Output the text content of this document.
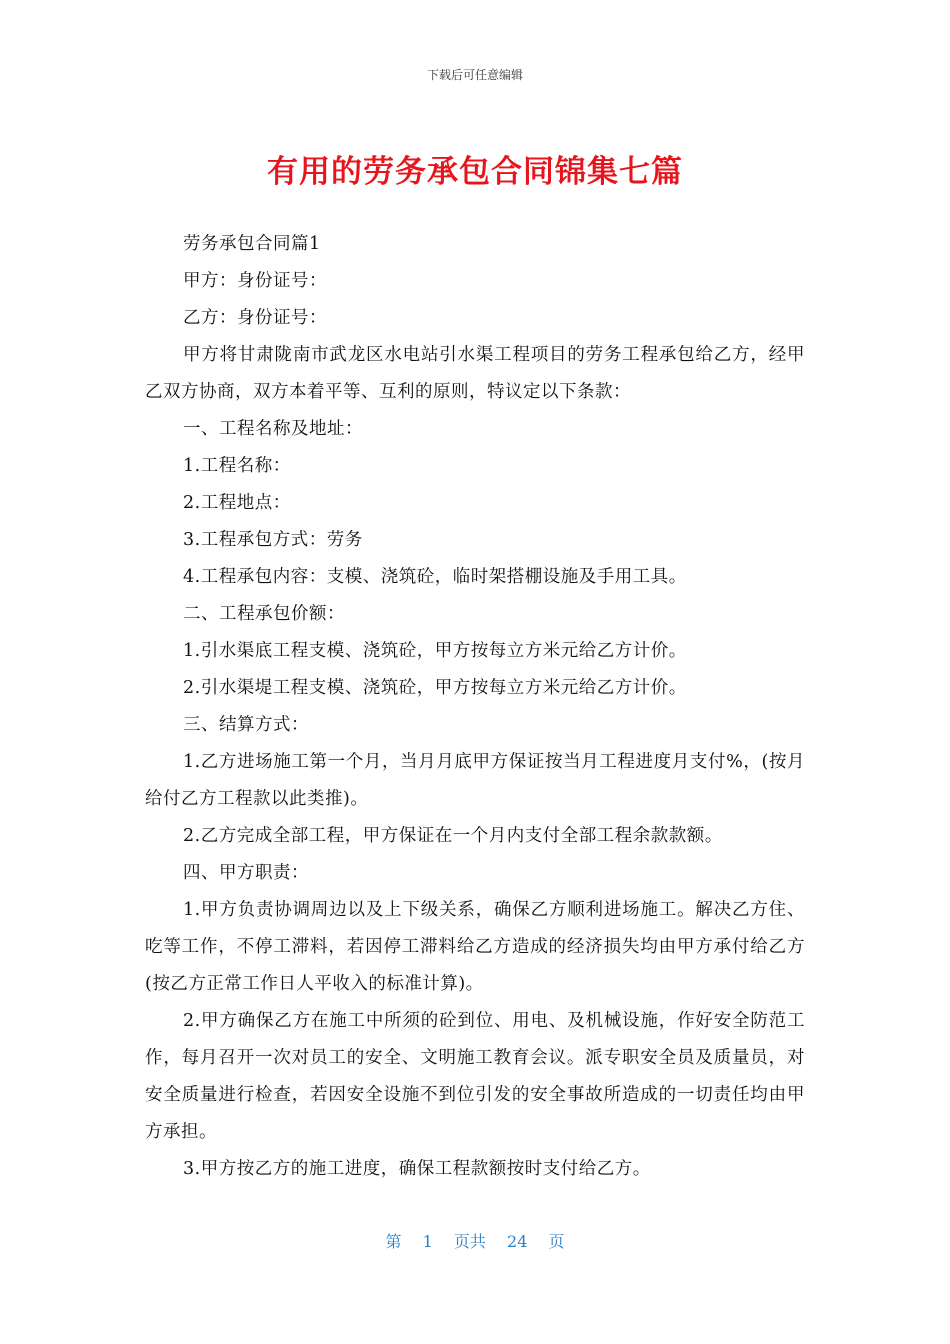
下载后可任意编辑
有用的劳务承包合同锦集七篇

劳务承包合同篇1

甲方：身份证号：

乙方：身份证号：

甲方将甘肃陇南市武龙区水电站引水渠工程项目的劳务工程承包给乙方，经甲乙双方协商，双方本着平等、互利的原则，特议定以下条款：

一、工程名称及地址：

1.工程名称：

2.工程地点：

3.工程承包方式：劳务

4.工程承包内容：支模、浇筑砼，临时架搭棚设施及手用工具。

二、工程承包价额：

1.引水渠底工程支模、浇筑砼，甲方按每立方米元给乙方计价。

2.引水渠堤工程支模、浇筑砼，甲方按每立方米元给乙方计价。

三、结算方式：

1.乙方进场施工第一个月，当月月底甲方保证按当月工程进度月支付%，(按月给付乙方工程款以此类推)。

2.乙方完成全部工程，甲方保证在一个月内支付全部工程余款款额。

四、甲方职责：

1.甲方负责协调周边以及上下级关系，确保乙方顺利进场施工。解决乙方住、吃等工作，不停工滞料，若因停工滞料给乙方造成的经济损失均由甲方承付给乙方(按乙方正常工作日人平收入的标准计算)。

2.甲方确保乙方在施工中所须的砼到位、用电、及机械设施，作好安全防范工作，每月召开一次对员工的安全、文明施工教育会议。派专职安全员及质量员，对安全质量进行检查，若因安全设施不到位引发的安全事故所造成的一切责任均由甲方承担。

3.甲方按乙方的施工进度，确保工程款额按时支付给乙方。

第 1 页共 24 页
